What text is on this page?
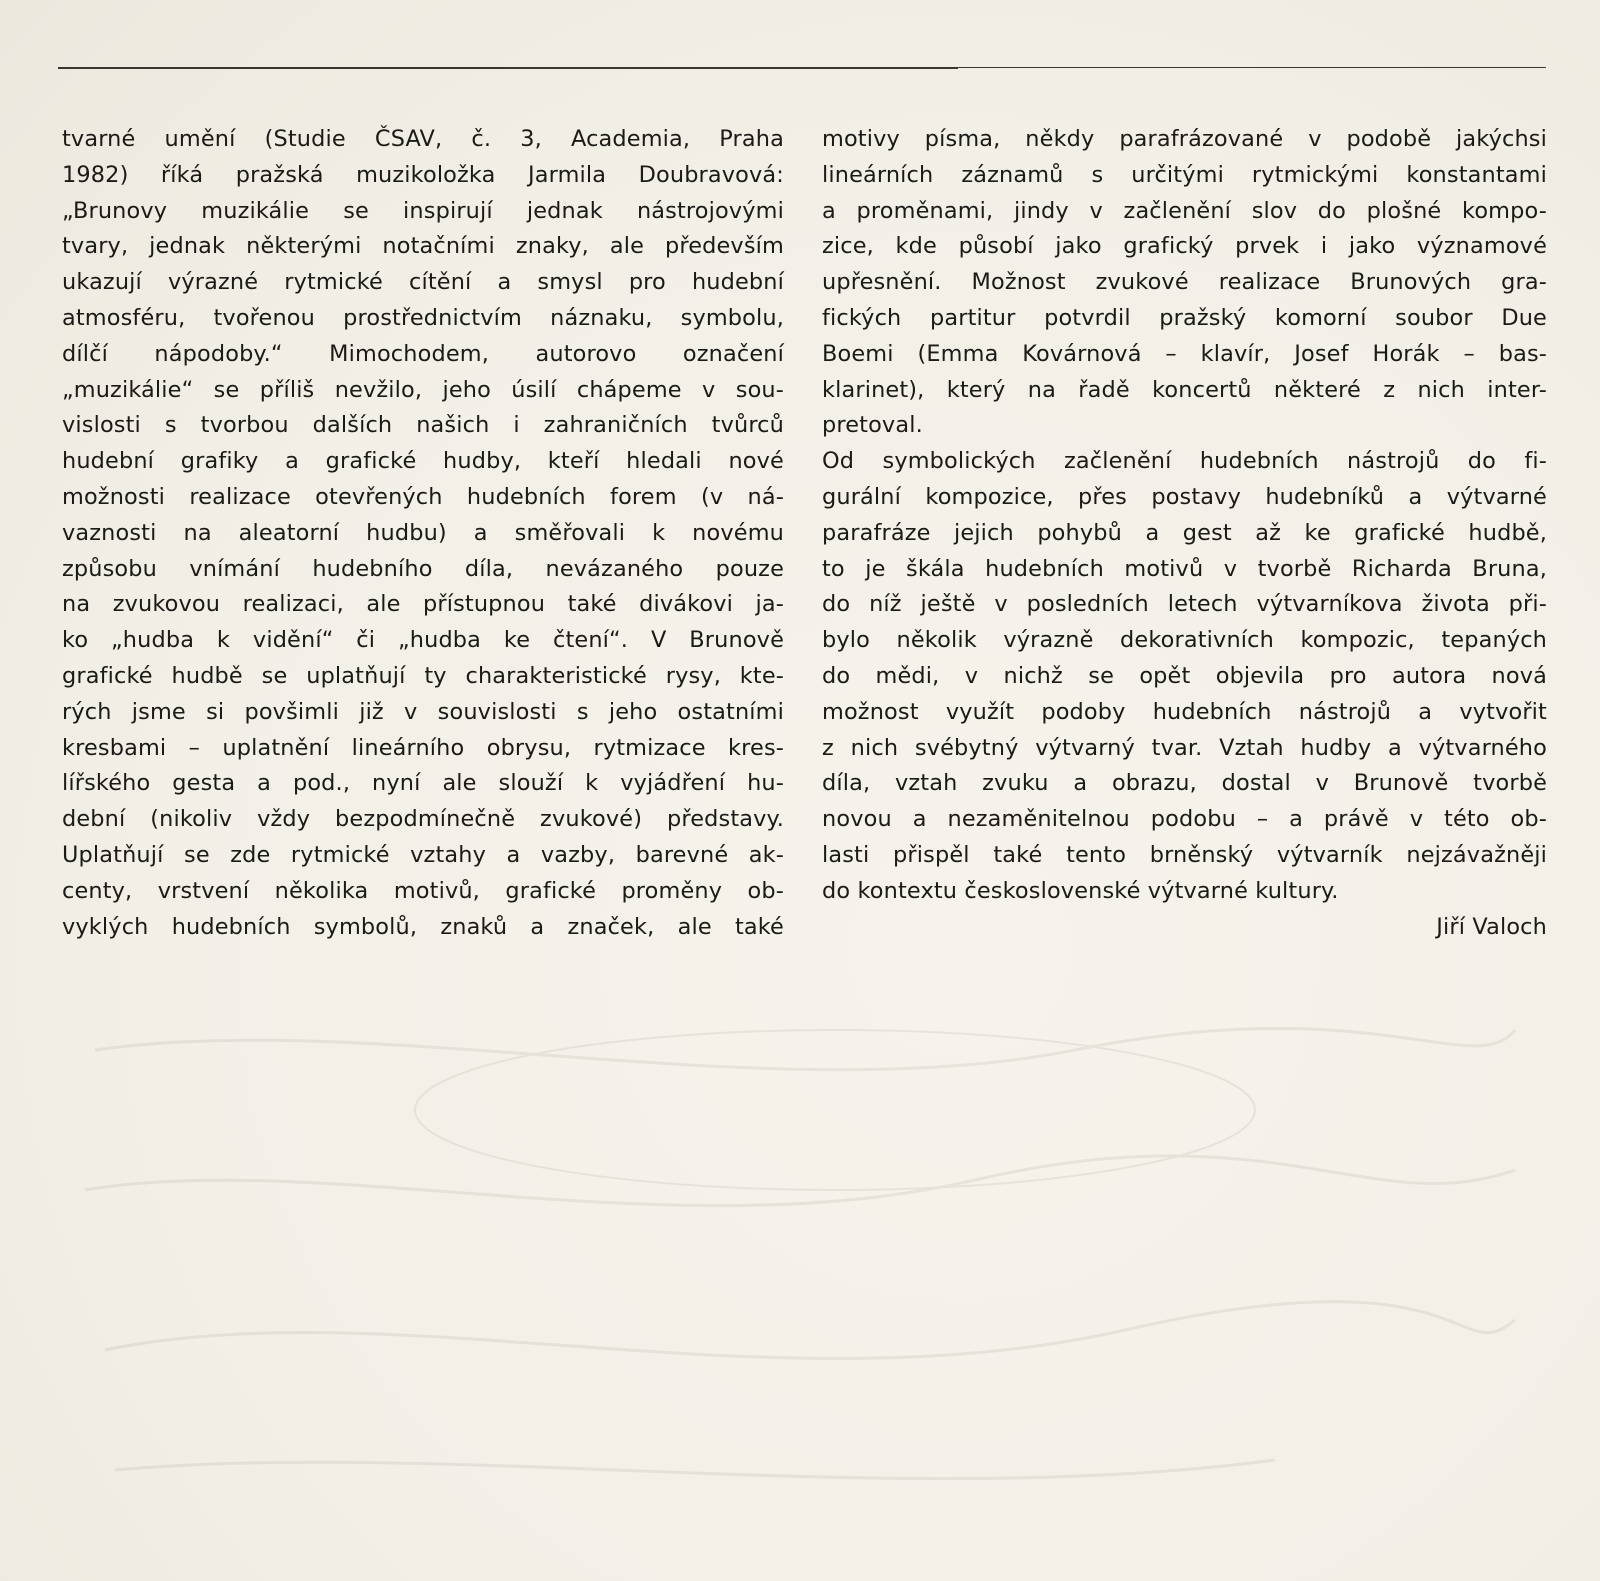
tvarné umění (Studie ČSAV, č. 3, Academia, Praha
1982) říká pražská muzikoložka Jarmila Doubravová:
„Brunovy muzikálie se inspirují jednak nástrojovými
tvary, jednak některými notačními znaky, ale především
ukazují výrazné rytmické cítění a smysl pro hudební
atmosféru, tvořenou prostřednictvím náznaku, symbolu,
dílčí nápodoby.“ Mimochodem, autorovo označení
„muzikálie“ se příliš nevžilo, jeho úsilí chápeme v sou-
vislosti s tvorbou dalších našich i zahraničních tvůrců
hudební grafiky a grafické hudby, kteří hledali nové
možnosti realizace otevřených hudebních forem (v ná-
vaznosti na aleatorní hudbu) a směřovali k novému
způsobu vnímání hudebního díla, nevázaného pouze
na zvukovou realizaci, ale přístupnou také divákovi ja-
ko „hudba k vidění“ či „hudba ke čtení“. V Brunově
grafické hudbě se uplatňují ty charakteristické rysy, kte-
rých jsme si povšimli již v souvislosti s jeho ostatními
kresbami – uplatnění lineárního obrysu, rytmizace kres-
lířského gesta a pod., nyní ale slouží k vyjádření hu-
dební (nikoliv vždy bezpodmínečně zvukové) představy.
Uplatňují se zde rytmické vztahy a vazby, barevné ak-
centy, vrstvení několika motivů, grafické proměny ob-
vyklých hudebních symbolů, znaků a značek, ale také
motivy písma, někdy parafrázované v podobě jakýchsi
lineárních záznamů s určitými rytmickými konstantami
a proměnami, jindy v začlenění slov do plošné kompo-
zice, kde působí jako grafický prvek i jako významové
upřesnění. Možnost zvukové realizace Brunových gra-
fických partitur potvrdil pražský komorní soubor Due
Boemi (Emma Kovárnová – klavír, Josef Horák – bas-
klarinet), který na řadě koncertů některé z nich inter-
pretoval.
Od symbolických začlenění hudebních nástrojů do fi-
gurální kompozice, přes postavy hudebníků a výtvarné
parafráze jejich pohybů a gest až ke grafické hudbě,
to je škála hudebních motivů v tvorbě Richarda Bruna,
do níž ještě v posledních letech výtvarníkova života při-
bylo několik výrazně dekorativních kompozic, tepaných
do mědi, v nichž se opět objevila pro autora nová
možnost využít podoby hudebních nástrojů a vytvořit
z nich svébytný výtvarný tvar. Vztah hudby a výtvarného
díla, vztah zvuku a obrazu, dostal v Brunově tvorbě
novou a nezaměnitelnou podobu – a právě v této ob-
lasti přispěl také tento brněnský výtvarník nejzávažněji
do kontextu československé výtvarné kultury.
Jiří Valoch
